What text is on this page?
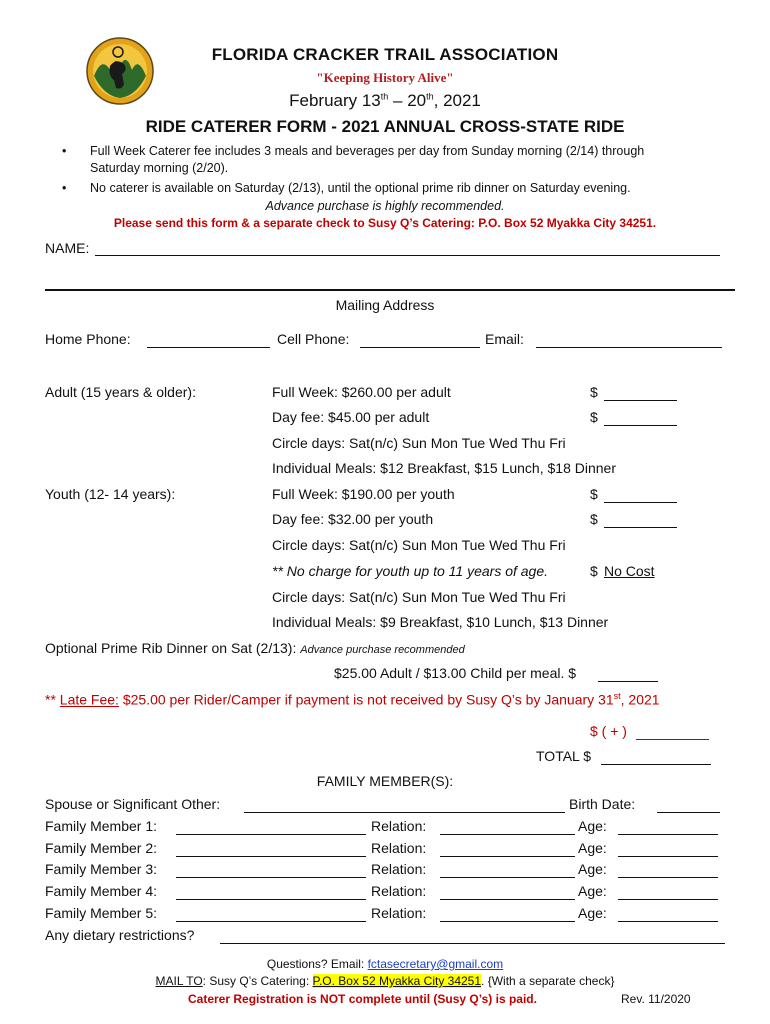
FLORIDA CRACKER TRAIL ASSOCIATION
"Keeping History Alive"
February 13th – 20th, 2021
RIDE CATERER FORM - 2021 ANNUAL CROSS-STATE RIDE
• Full Week Caterer fee includes 3 meals and beverages per day from Sunday morning (2/14) through
Saturday morning (2/20).
• No caterer is available on Saturday (2/13), until the optional prime rib dinner on Saturday evening.
Advance purchase is highly recommended.
Please send this form & a separate check to Susy Q’s Catering: P.O. Box 52 Myakka City 34251.
NAME:
Mailing Address
Home Phone:	Cell Phone:	Email:
Adult (15 years & older):	Full Week: $260.00 per adult	$
Day fee: $45.00 per adult	$
Circle days: Sat(n/c) Sun Mon Tue Wed Thu Fri
Individual Meals: $12 Breakfast, $15 Lunch, $18 Dinner
Youth (12- 14 years):	Full Week: $190.00 per youth	$
Day fee: $32.00 per youth	$
Circle days: Sat(n/c) Sun Mon Tue Wed Thu Fri
** No charge for youth up to 11 years of age.	$ No Cost
Circle days: Sat(n/c) Sun Mon Tue Wed Thu Fri
Individual Meals: $9 Breakfast, $10 Lunch, $13 Dinner
Optional Prime Rib Dinner on Sat (2/13): Advance purchase recommended
$25.00 Adult / $13.00 Child per meal. $
** Late Fee: $25.00 per Rider/Camper if payment is not received by Susy Q’s by January 31st, 2021
$ ( + )
TOTAL $
FAMILY MEMBER(S):
Spouse or Significant Other:	Birth Date:
Family Member 1:	Relation:	Age:
Family Member 2:	Relation:	Age:
Family Member 3:	Relation:	Age:
Family Member 4:	Relation:	Age:
Family Member 5:	Relation:	Age:
Any dietary restrictions?
Questions? Email: fctasecretary@gmail.com
MAIL TO: Susy Q’s Catering: P.O. Box 52 Myakka City 34251. {With a separate check}
Caterer Registration is NOT complete until (Susy Q’s) is paid.	Rev. 11/2020
